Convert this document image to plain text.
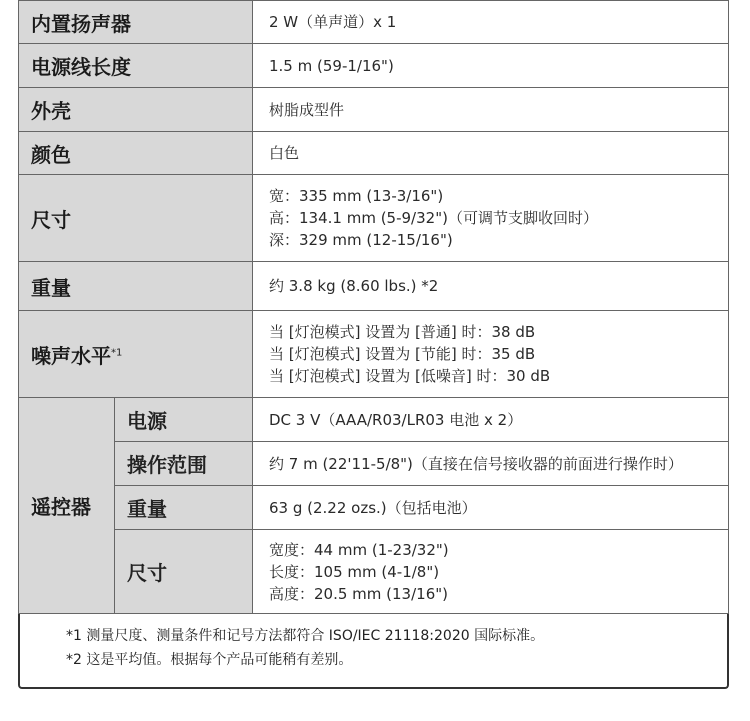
内置扬声器		2 W（单声道）x 1

电源线长度		1.5 m (59-1/16")

外壳		树脂成型件

颜色		白色

尺寸		宽：335 mm (13-3/16")
高：134.1 mm (5-9/32")（可调节支脚收回时）
深：329 mm (12-15/16")

重量		约 3.8 kg (8.60 lbs.) *2

噪声水平$^{*1}$		当 [灯泡模式] 设置为 [普通] 时：38 dB
当 [灯泡模式] 设置为 [节能] 时：35 dB
当 [灯泡模式] 设置为 [低噪音] 时：30 dB

遥控器	电源	DC 3 V（AAA/R03/LR03 电池 x 2）

	操作范围	约 7 m (22'11-5/8")（直接在信号接收器的前面进行操作时）

	重量	63 g (2.22 ozs.)（包括电池）

	尺寸	宽度：44 mm (1-23/32")
长度：105 mm (4-1/8")
高度：20.5 mm (13/16")
*1 测量尺度、测量条件和记号方法都符合 ISO/IEC 21118:2020 国际标准。
*2 这是平均值。根据每个产品可能稍有差别。
